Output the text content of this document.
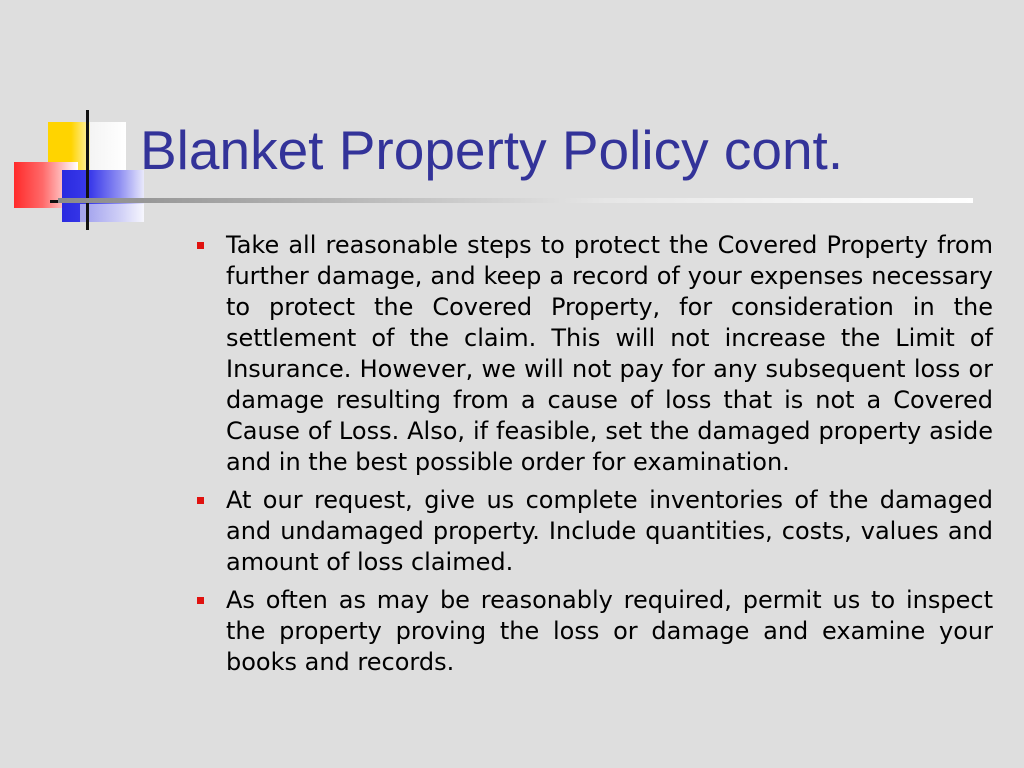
Blanket Property Policy cont.
Take all reasonable steps to protect the Covered Property from further damage, and keep a record of your expenses necessary to protect the Covered Property, for consideration in the settlement of the claim. This will not increase the Limit of Insurance. However, we will not pay for any subsequent loss or damage resulting from a cause of loss that is not a Covered Cause of Loss. Also, if feasible, set the damaged property aside and in the best possible order for examination.
At our request, give us complete inventories of the damaged and undamaged property. Include quantities, costs, values and amount of loss claimed.
As often as may be reasonably required, permit us to inspect the property proving the loss or damage and examine your books and records.
